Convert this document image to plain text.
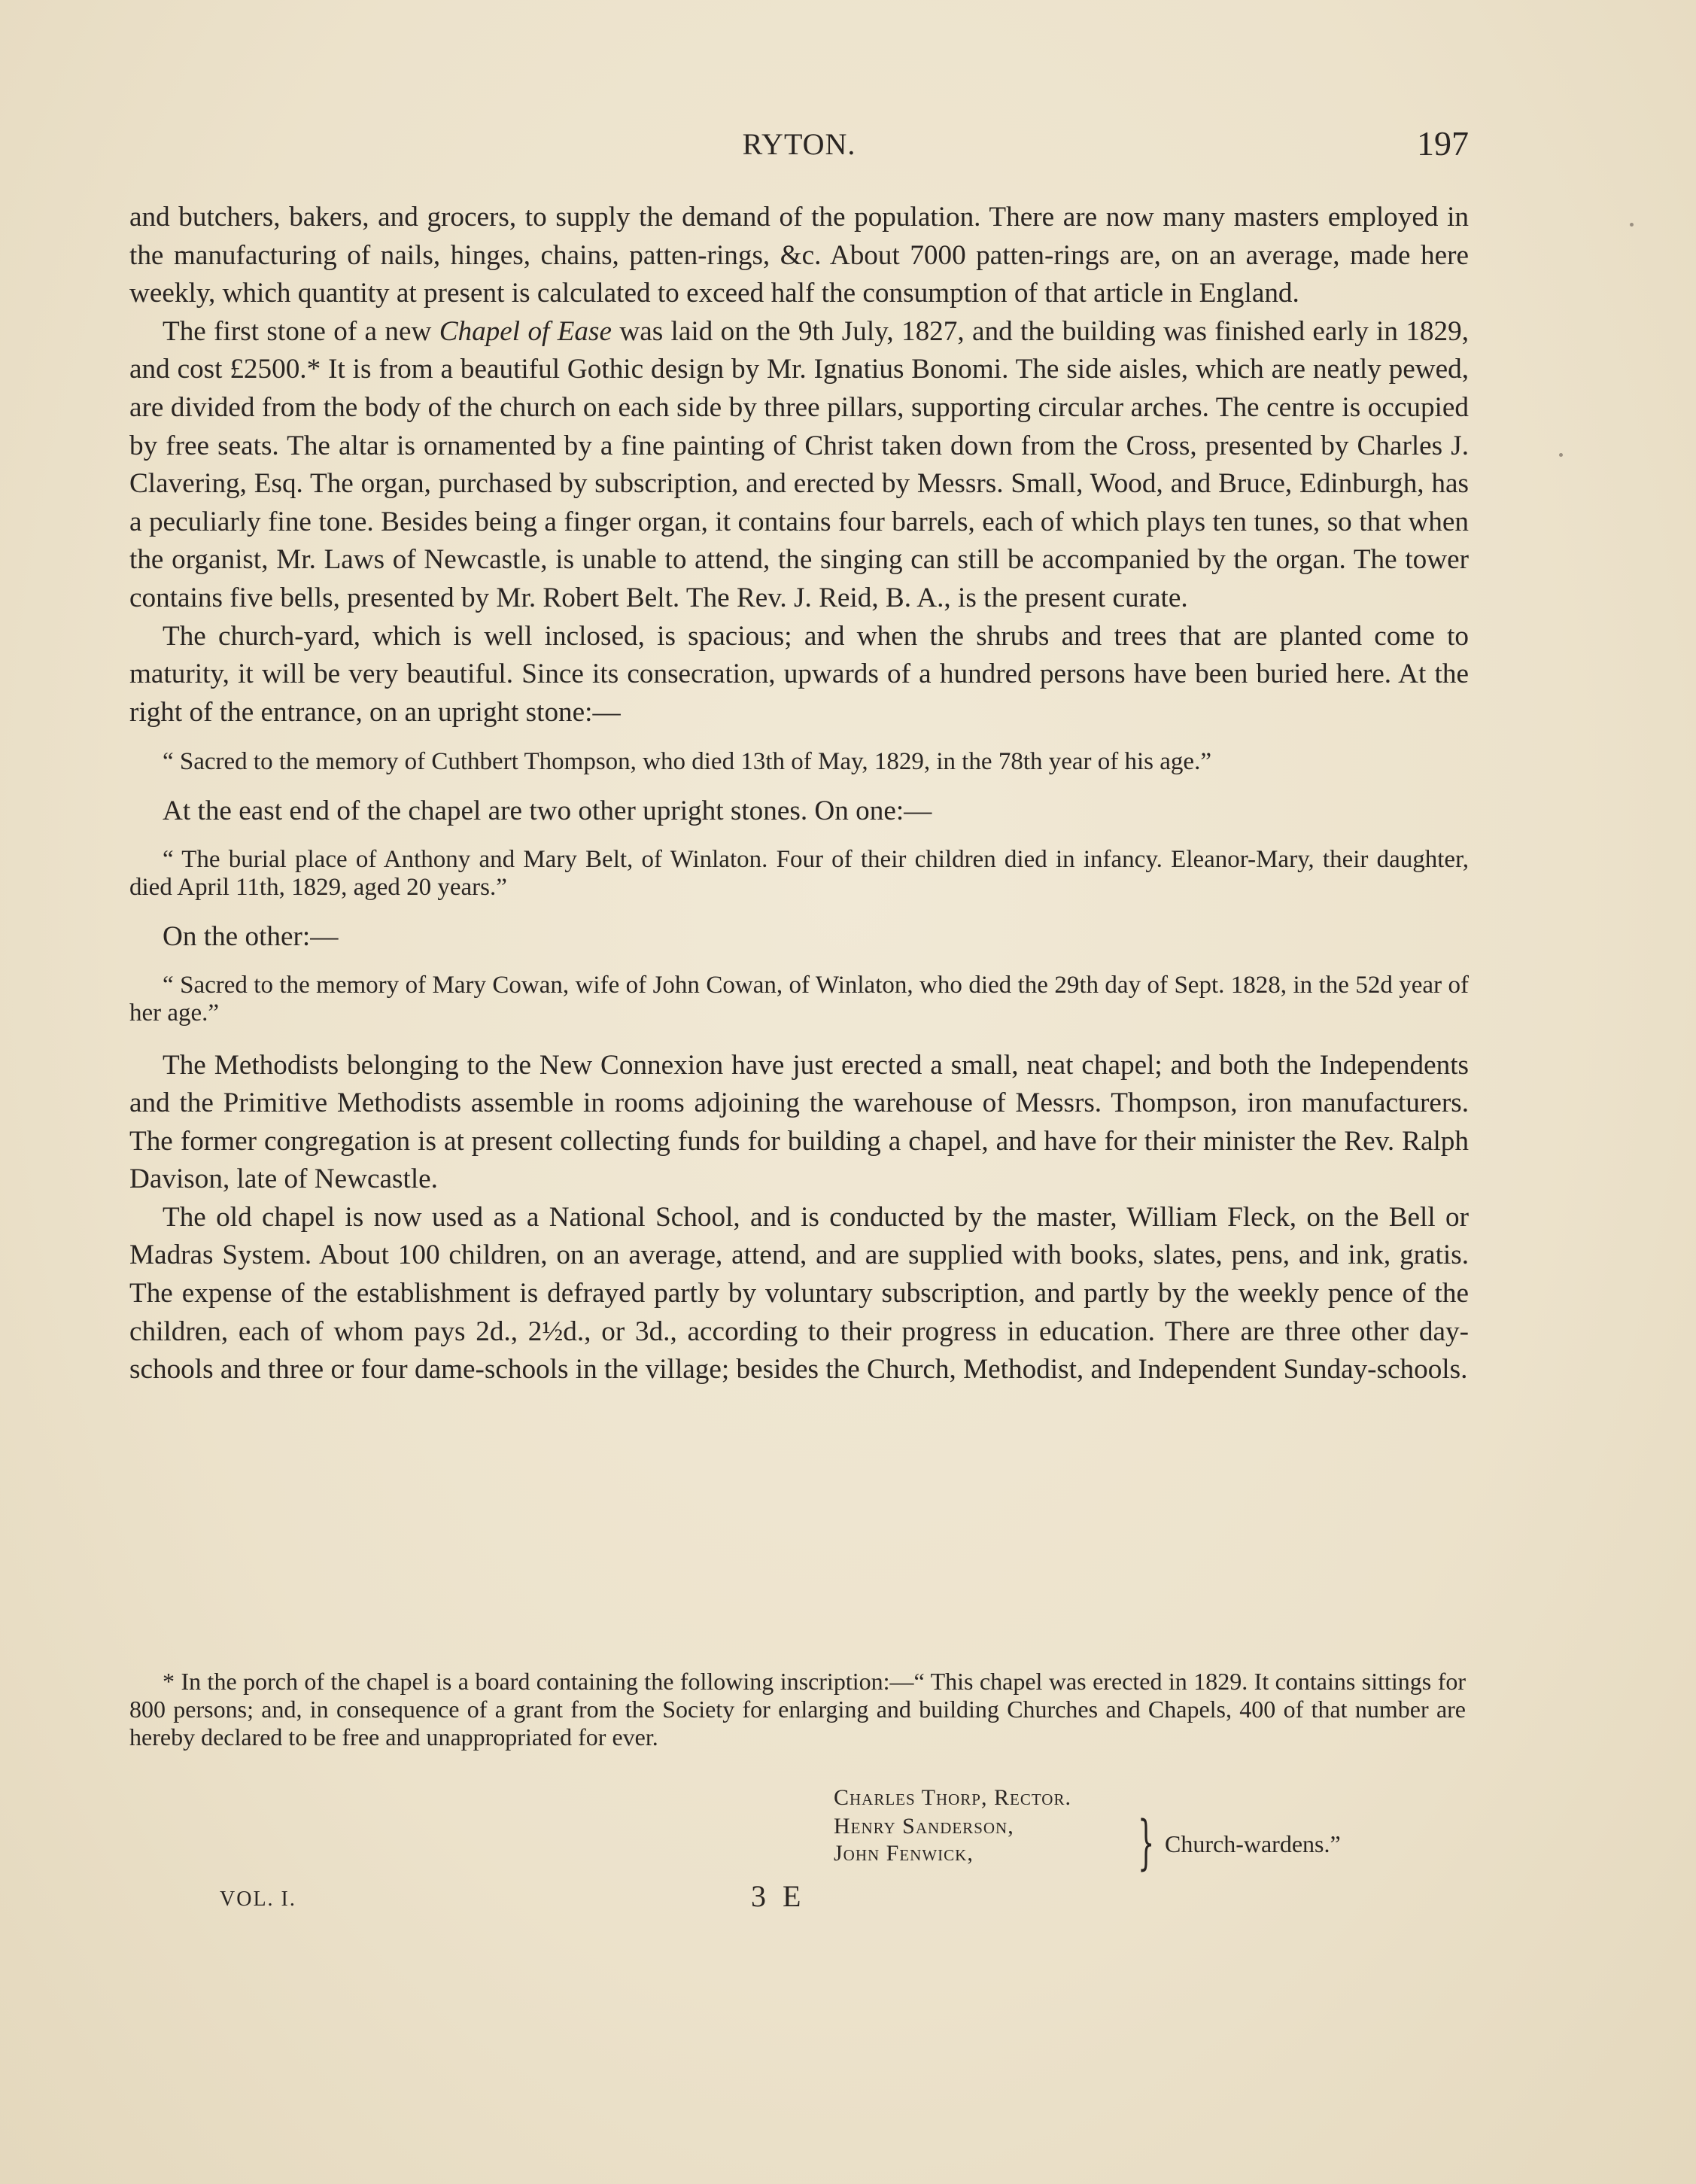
RYTON.	197

and butchers, bakers, and grocers, to supply the demand of the population. There are now many masters employed in the manufacturing of nails, hinges, chains, patten-rings, &c. About 7000 patten-rings are, on an average, made here weekly, which quantity at present is calculated to exceed half the consumption of that article in England.

The first stone of a new Chapel of Ease was laid on the 9th July, 1827, and the building was finished early in 1829, and cost £2500.* It is from a beautiful Gothic design by Mr. Ignatius Bonomi. The side aisles, which are neatly pewed, are divided from the body of the church on each side by three pillars, supporting circular arches. The centre is occupied by free seats. The altar is ornamented by a fine painting of Christ taken down from the Cross, presented by Charles J. Clavering, Esq. The organ, purchased by subscription, and erected by Messrs. Small, Wood, and Bruce, Edinburgh, has a peculiarly fine tone. Besides being a finger organ, it contains four barrels, each of which plays ten tunes, so that when the organist, Mr. Laws of Newcastle, is unable to attend, the singing can still be accompanied by the organ. The tower contains five bells, presented by Mr. Robert Belt. The Rev. J. Reid, B. A., is the present curate.

The church-yard, which is well inclosed, is spacious; and when the shrubs and trees that are planted come to maturity, it will be very beautiful. Since its consecration, upwards of a hundred persons have been buried here. At the right of the entrance, on an upright stone:—

“ Sacred to the memory of Cuthbert Thompson, who died 13th of May, 1829, in the 78th year of his age.”

At the east end of the chapel are two other upright stones. On one:—

“ The burial place of Anthony and Mary Belt, of Winlaton. Four of their children died in infancy. Eleanor-Mary, their daughter, died April 11th, 1829, aged 20 years.”

On the other:—

“ Sacred to the memory of Mary Cowan, wife of John Cowan, of Winlaton, who died the 29th day of Sept. 1828, in the 52d year of her age.”

The Methodists belonging to the New Connexion have just erected a small, neat chapel; and both the Independents and the Primitive Methodists assemble in rooms adjoining the warehouse of Messrs. Thompson, iron manufacturers. The former congregation is at present collecting funds for building a chapel, and have for their minister the Rev. Ralph Davison, late of Newcastle.

The old chapel is now used as a National School, and is conducted by the master, William Fleck, on the Bell or Madras System. About 100 children, on an average, attend, and are supplied with books, slates, pens, and ink, gratis. The expense of the establishment is defrayed partly by voluntary subscription, and partly by the weekly pence of the children, each of whom pays 2d., 2½d., or 3d., according to their progress in education. There are three other day-schools and three or four dame-schools in the village; besides the Church, Methodist, and Independent Sunday-schools.

* In the porch of the chapel is a board containing the following inscription:—“ This chapel was erected in 1829. It contains sittings for 800 persons; and, in consequence of a grant from the Society for enlarging and building Churches and Chapels, 400 of that number are hereby declared to be free and unappropriated for ever.

Charles Thorp, Rector.
Henry Sanderson,
John Fenwick,	} Church-wardens.”
VOL. I.	3 E
